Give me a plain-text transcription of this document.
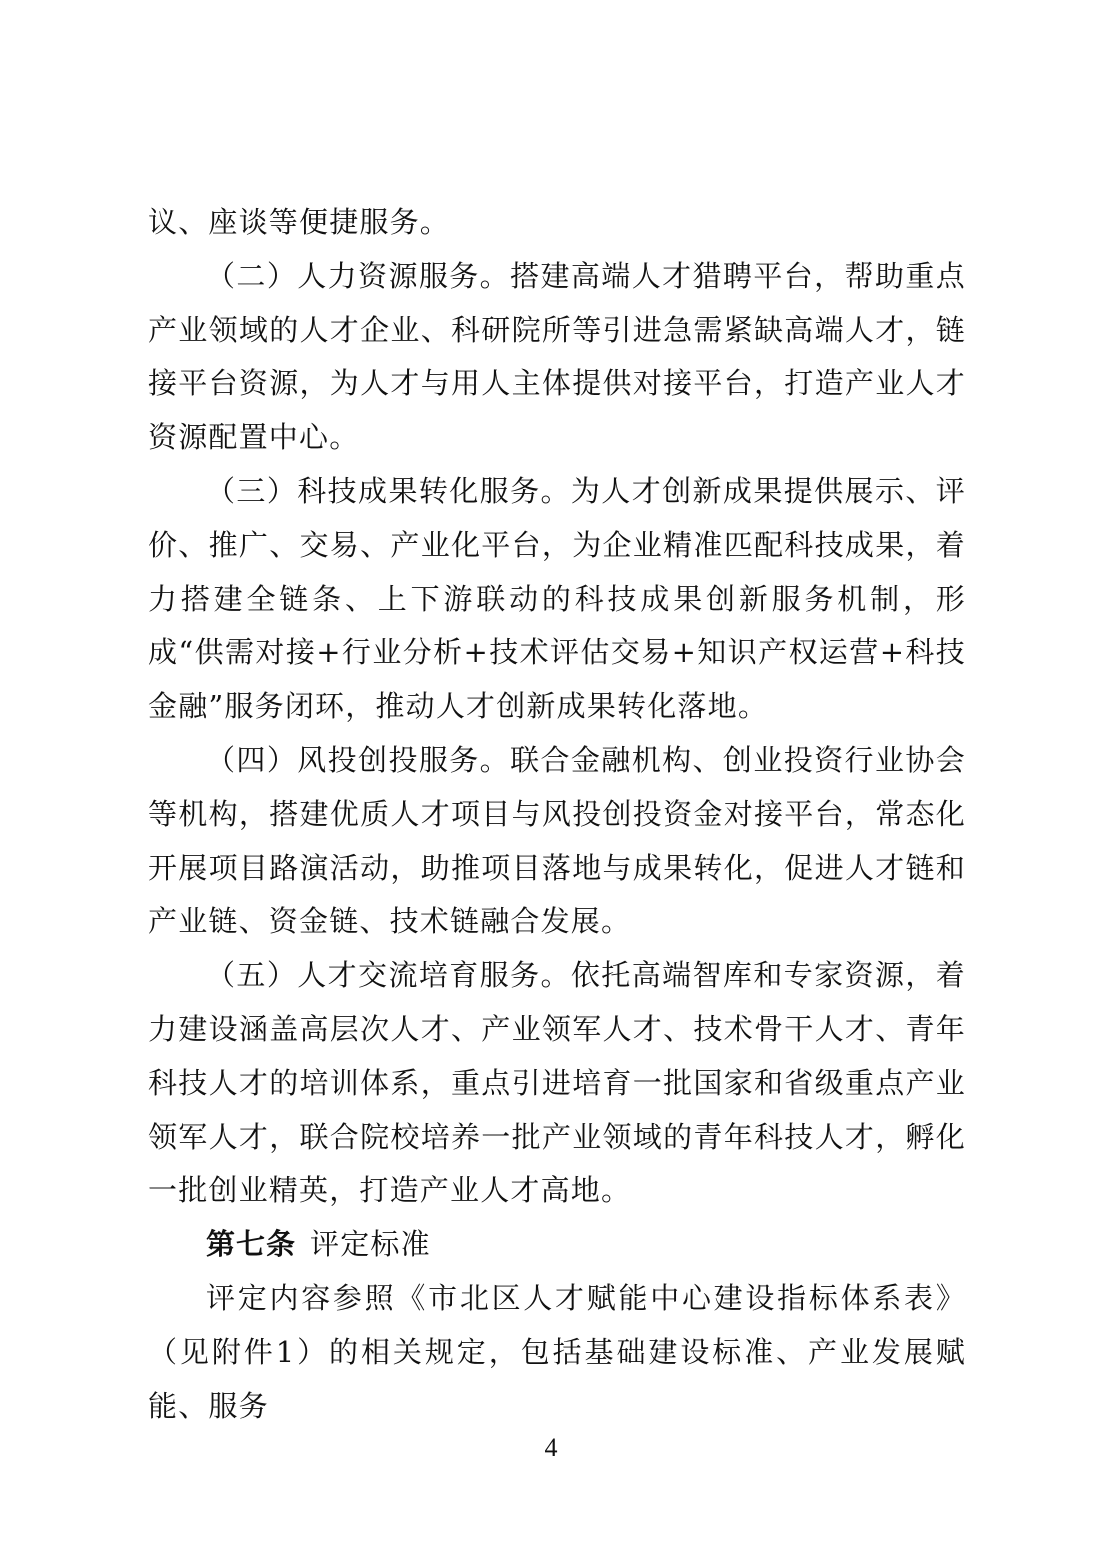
议、座谈等便捷服务。

（二）人力资源服务。搭建高端人才猎聘平台，帮助重点产业领域的人才企业、科研院所等引进急需紧缺高端人才，链接平台资源，为人才与用人主体提供对接平台，打造产业人才资源配置中心。

（三）科技成果转化服务。为人才创新成果提供展示、评价、推广、交易、产业化平台，为企业精准匹配科技成果，着力搭建全链条、上下游联动的科技成果创新服务机制，形成“供需对接+行业分析+技术评估交易+知识产权运营+科技金融”服务闭环，推动人才创新成果转化落地。

（四）风投创投服务。联合金融机构、创业投资行业协会等机构，搭建优质人才项目与风投创投资金对接平台，常态化开展项目路演活动，助推项目落地与成果转化，促进人才链和产业链、资金链、技术链融合发展。

（五）人才交流培育服务。依托高端智库和专家资源，着力建设涵盖高层次人才、产业领军人才、技术骨干人才、青年科技人才的培训体系，重点引进培育一批国家和省级重点产业领军人才，联合院校培养一批产业领域的青年科技人才，孵化一批创业精英，打造产业人才高地。

第七条 评定标准

评定内容参照《市北区人才赋能中心建设指标体系表》（见附件1）的相关规定，包括基础建设标准、产业发展赋能、服务

4
